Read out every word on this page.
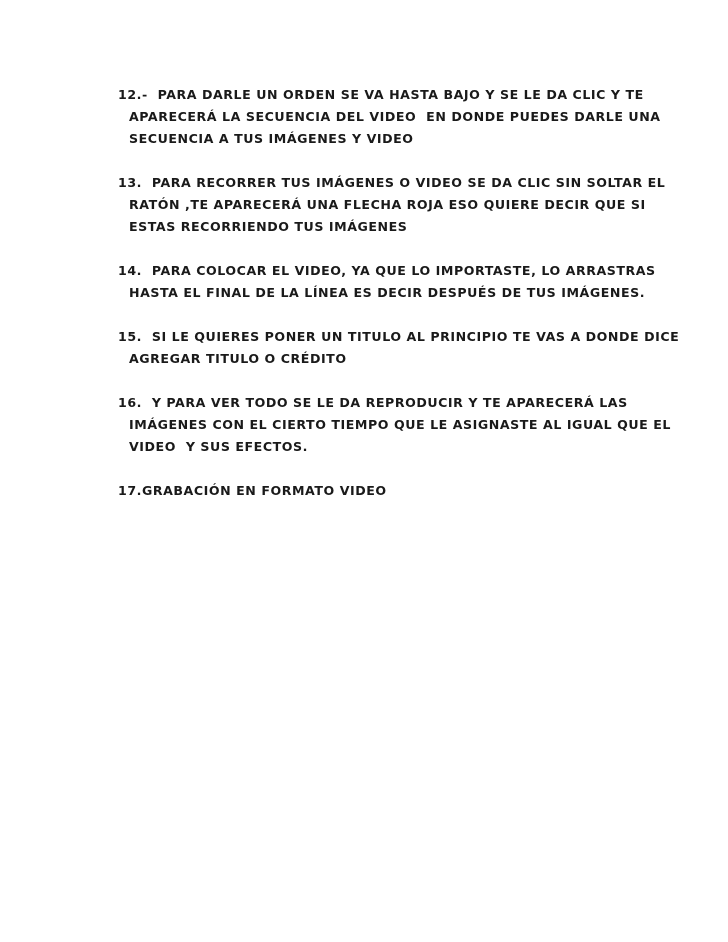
12.-  PARA DARLE UN ORDEN SE VA HASTA BAJO Y SE LE DA CLIC Y TE
APARECERÁ LA SECUENCIA DEL VIDEO  EN DONDE PUEDES DARLE UNA
SECUENCIA A TUS IMÁGENES Y VIDEO
13.  PARA RECORRER TUS IMÁGENES O VIDEO SE DA CLIC SIN SOLTAR EL
RATÓN ,TE APARECERÁ UNA FLECHA ROJA ESO QUIERE DECIR QUE SI
ESTAS RECORRIENDO TUS IMÁGENES
14.  PARA COLOCAR EL VIDEO, YA QUE LO IMPORTASTE, LO ARRASTRAS
HASTA EL FINAL DE LA LÍNEA ES DECIR DESPUÉS DE TUS IMÁGENES.
15.  SI LE QUIERES PONER UN TITULO AL PRINCIPIO TE VAS A DONDE DICE
AGREGAR TITULO O CRÉDITO
16.  Y PARA VER TODO SE LE DA REPRODUCIR Y TE APARECERÁ LAS
IMÁGENES CON EL CIERTO TIEMPO QUE LE ASIGNASTE AL IGUAL QUE EL
VIDEO  Y SUS EFECTOS.
17.GRABACIÓN EN FORMATO VIDEO
